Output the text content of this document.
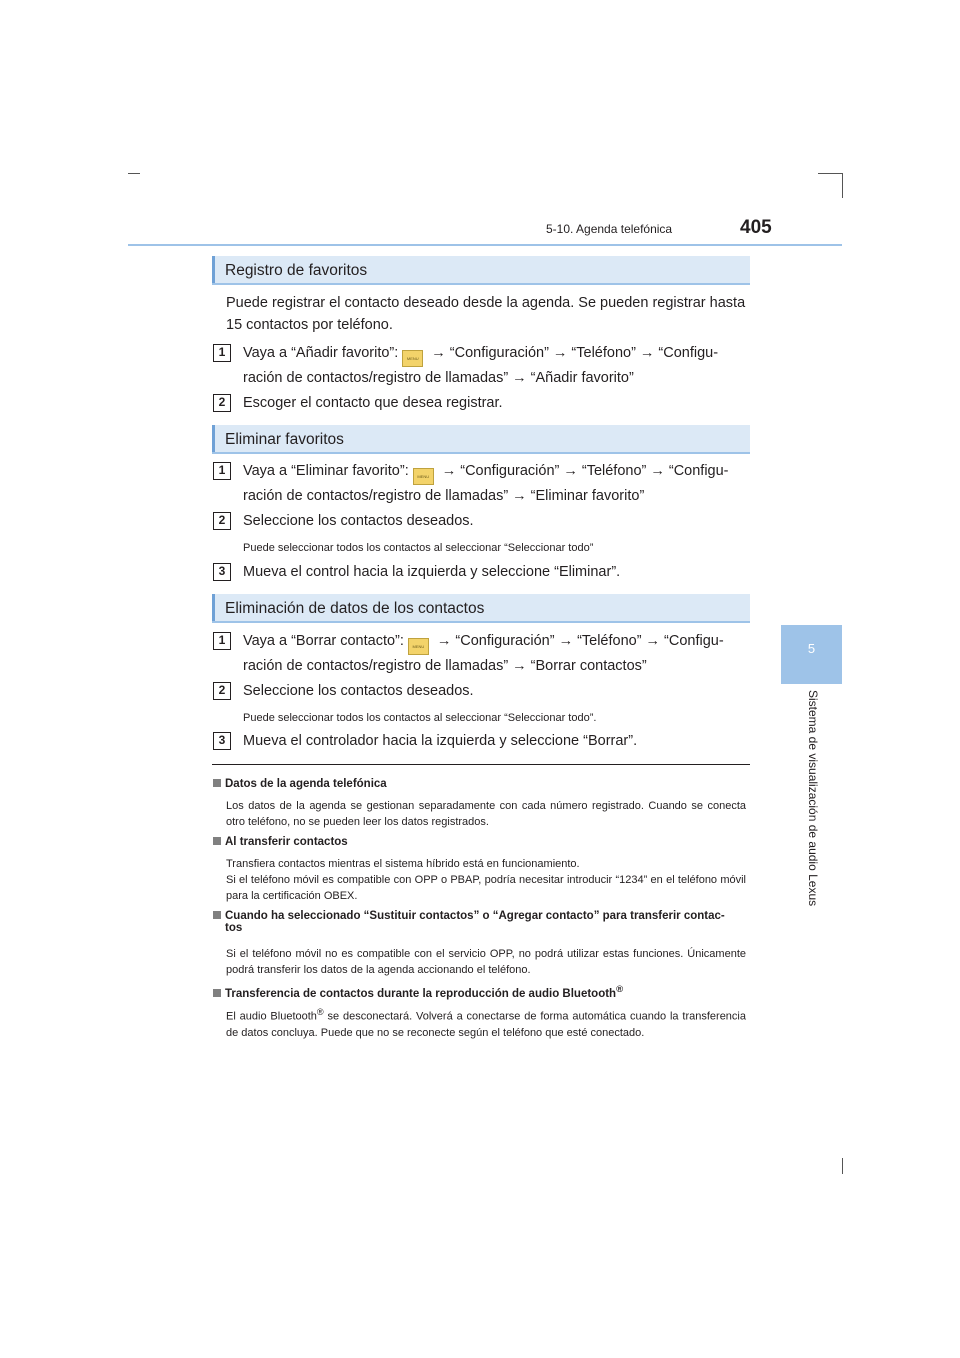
5-10. Agenda telefónica	405
5
Sistema de visualización de audio Lexus
Registro de favoritos
Puede registrar el contacto deseado desde la agenda. Se pueden registrar hasta 15 contactos por teléfono.
1	Vaya a “Añadir favorito”: MENU → “Configuración” → “Teléfono” → “Configu-
ración de contactos/registro de llamadas” → “Añadir favorito”
2	Escoger el contacto que desea registrar.
Eliminar favoritos
1	Vaya a “Eliminar favorito”: MENU → “Configuración” → “Teléfono” → “Configu-
ración de contactos/registro de llamadas” → “Eliminar favorito”
2	Seleccione los contactos deseados.
Puede seleccionar todos los contactos al seleccionar “Seleccionar todo”
3	Mueva el control hacia la izquierda y seleccione “Eliminar”.
Eliminación de datos de los contactos
1	Vaya a “Borrar contacto”: MENU → “Configuración” → “Teléfono” → “Configu-
ración de contactos/registro de llamadas” → “Borrar contactos”
2	Seleccione los contactos deseados.
Puede seleccionar todos los contactos al seleccionar “Seleccionar todo”.
3	Mueva el controlador hacia la izquierda y seleccione “Borrar”.
Datos de la agenda telefónica
Los datos de la agenda se gestionan separadamente con cada número registrado. Cuando se conecta otro teléfono, no se pueden leer los datos registrados.
Al transferir contactos
Transfiera contactos mientras el sistema híbrido está en funcionamiento.
Si el teléfono móvil es compatible con OPP o PBAP, podría necesitar introducir “1234” en el teléfono móvil para la certificación OBEX.
Cuando ha seleccionado “Sustituir contactos” o “Agregar contacto” para transferir contac-
tos
Si el teléfono móvil no es compatible con el servicio OPP, no podrá utilizar estas funciones. Únicamente podrá transferir los datos de la agenda accionando el teléfono.
Transferencia de contactos durante la reproducción de audio Bluetooth®
El audio Bluetooth® se desconectará. Volverá a conectarse de forma automática cuando la transferencia de datos concluya. Puede que no se reconecte según el teléfono que esté conectado.
